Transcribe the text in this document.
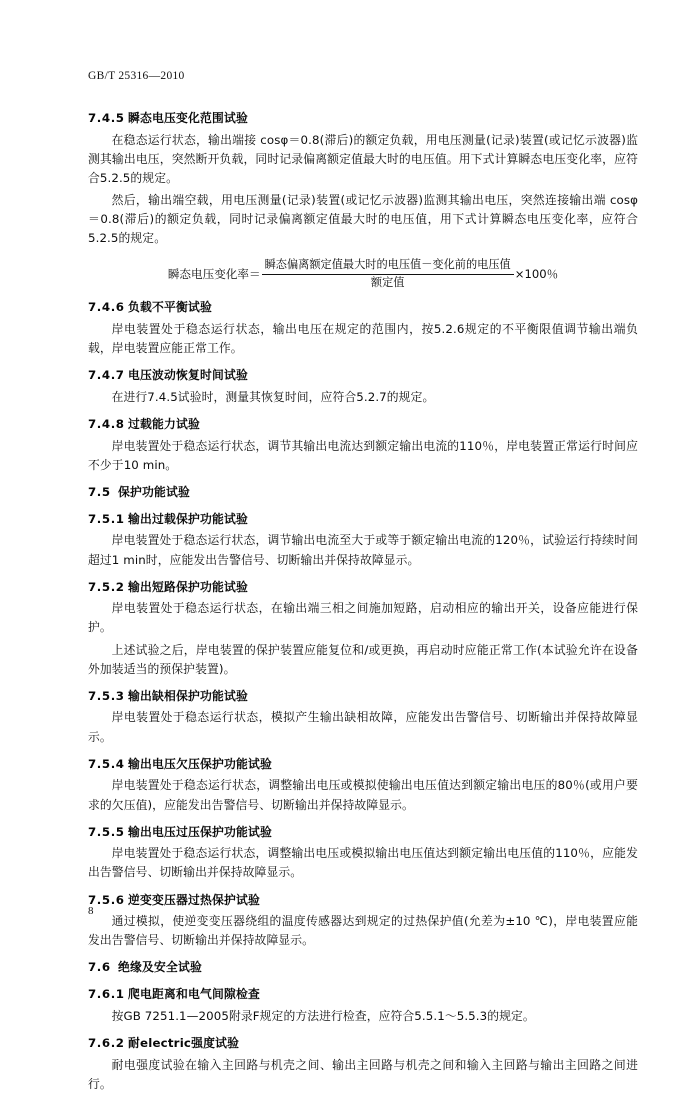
GB/T 25316—2010
7.4.5 瞬态电压变化范围试验
在稳态运行状态，输出端接 cosφ＝0.8(滞后)的额定负载，用电压测量(记录)装置(或记忆示波器)监测其输出电压，突然断开负载，同时记录偏离额定值最大时的电压值。用下式计算瞬态电压变化率，应符合5.2.5的规定。
然后，输出端空载，用电压测量(记录)装置(或记忆示波器)监测其输出电压，突然连接输出端 cosφ＝0.8(滞后)的额定负载，同时记录偏离额定值最大时的电压值，用下式计算瞬态电压变化率，应符合5.2.5的规定。
瞬态电压变化率＝ $\frac{\text{瞬态偏离额定值最大时的电压值－变化前的电压值}}{\text{额定值}} \times 100$％
7.4.6 负载不平衡试验
岸电装置处于稳态运行状态，输出电压在规定的范围内，按5.2.6规定的不平衡限值调节输出端负载，岸电装置应能正常工作。
7.4.7 电压波动恢复时间试验
在进行7.4.5试验时，测量其恢复时间，应符合5.2.7的规定。
7.4.8 过载能力试验
岸电装置处于稳态运行状态，调节其输出电流达到额定输出电流的110％，岸电装置正常运行时间应不少于10 min。
7.5 保护功能试验
7.5.1 输出过载保护功能试验
岸电装置处于稳态运行状态，调节输出电流至大于或等于额定输出电流的120％，试验运行持续时间超过1 min时，应能发出告警信号、切断输出并保持故障显示。
7.5.2 输出短路保护功能试验
岸电装置处于稳态运行状态，在输出端三相之间施加短路，启动相应的输出开关，设备应能进行保护。
上述试验之后，岸电装置的保护装置应能复位和/或更换，再启动时应能正常工作(本试验允许在设备外加装适当的预保护装置)。
7.5.3 输出缺相保护功能试验
岸电装置处于稳态运行状态，模拟产生输出缺相故障，应能发出告警信号、切断输出并保持故障显示。
7.5.4 输出电压欠压保护功能试验
岸电装置处于稳态运行状态，调整输出电压或模拟使输出电压值达到额定输出电压的80％(或用户要求的欠压值)，应能发出告警信号、切断输出并保持故障显示。
7.5.5 输出电压过压保护功能试验
岸电装置处于稳态运行状态，调整输出电压或模拟输出电压值达到额定输出电压值的110％，应能发出告警信号、切断输出并保持故障显示。
7.5.6 逆变变压器过热保护试验
通过模拟，使逆变变压器绕组的温度传感器达到规定的过热保护值(允差为±10 ℃)，岸电装置应能发出告警信号、切断输出并保持故障显示。
7.6 绝缘及安全试验
7.6.1 爬电距离和电气间隙检查
按GB 7251.1—2005附录F规定的方法进行检查，应符合5.5.1～5.5.3的规定。
7.6.2 耐electric强度试验
耐电强度试验在输入主回路与机壳之间、输出主回路与机壳之间和输入主回路与输出主回路之间进行。
8
